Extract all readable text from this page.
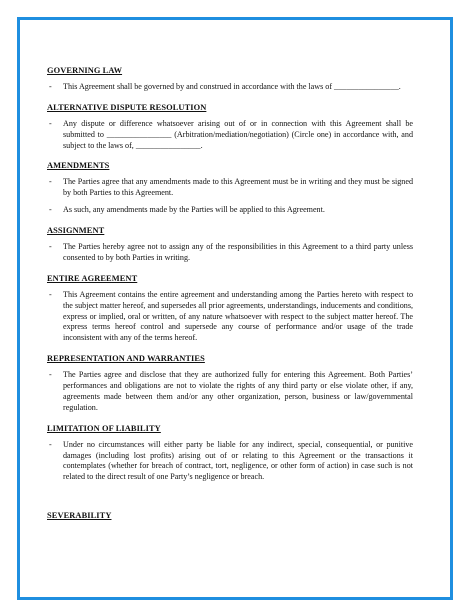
GOVERNING LAW

-	This Agreement shall be governed by and construed in accordance with the laws of ________________.

ALTERNATIVE DISPUTE RESOLUTION

-	Any dispute or difference whatsoever arising out of or in connection with this Agreement shall be submitted to ________________ (Arbitration/mediation/negotiation) (Circle one) in accordance with, and subject to the laws of, ________________.

AMENDMENTS

-	The Parties agree that any amendments made to this Agreement must be in writing and they must be signed by both Parties to this Agreement.
-	As such, any amendments made by the Parties will be applied to this Agreement.

ASSIGNMENT

-	The Parties hereby agree not to assign any of the responsibilities in this Agreement to a third party unless consented to by both Parties in writing.

ENTIRE AGREEMENT

-	This Agreement contains the entire agreement and understanding among the Parties hereto with respect to the subject matter hereof, and supersedes all prior agreements, understandings, inducements and conditions, express or implied, oral or written, of any nature whatsoever with respect to the subject matter hereof. The express terms hereof control and supersede any course of performance and/or usage of the trade inconsistent with any of the terms hereof.

REPRESENTATION AND WARRANTIES

-	The Parties agree and disclose that they are authorized fully for entering this Agreement. Both Parties’ performances and obligations are not to violate the rights of any third party or else violate other, if any, agreements made between them and/or any other organization, person, business or law/governmental regulation.

LIMITATION OF LIABILITY

-	Under no circumstances will either party be liable for any indirect, special, consequential, or punitive damages (including lost profits) arising out of or relating to this Agreement or the transactions it contemplates (whether for breach of contract, tort, negligence, or other form of action) in case such is not related to the direct result of one Party’s negligence or breach.

SEVERABILITY
